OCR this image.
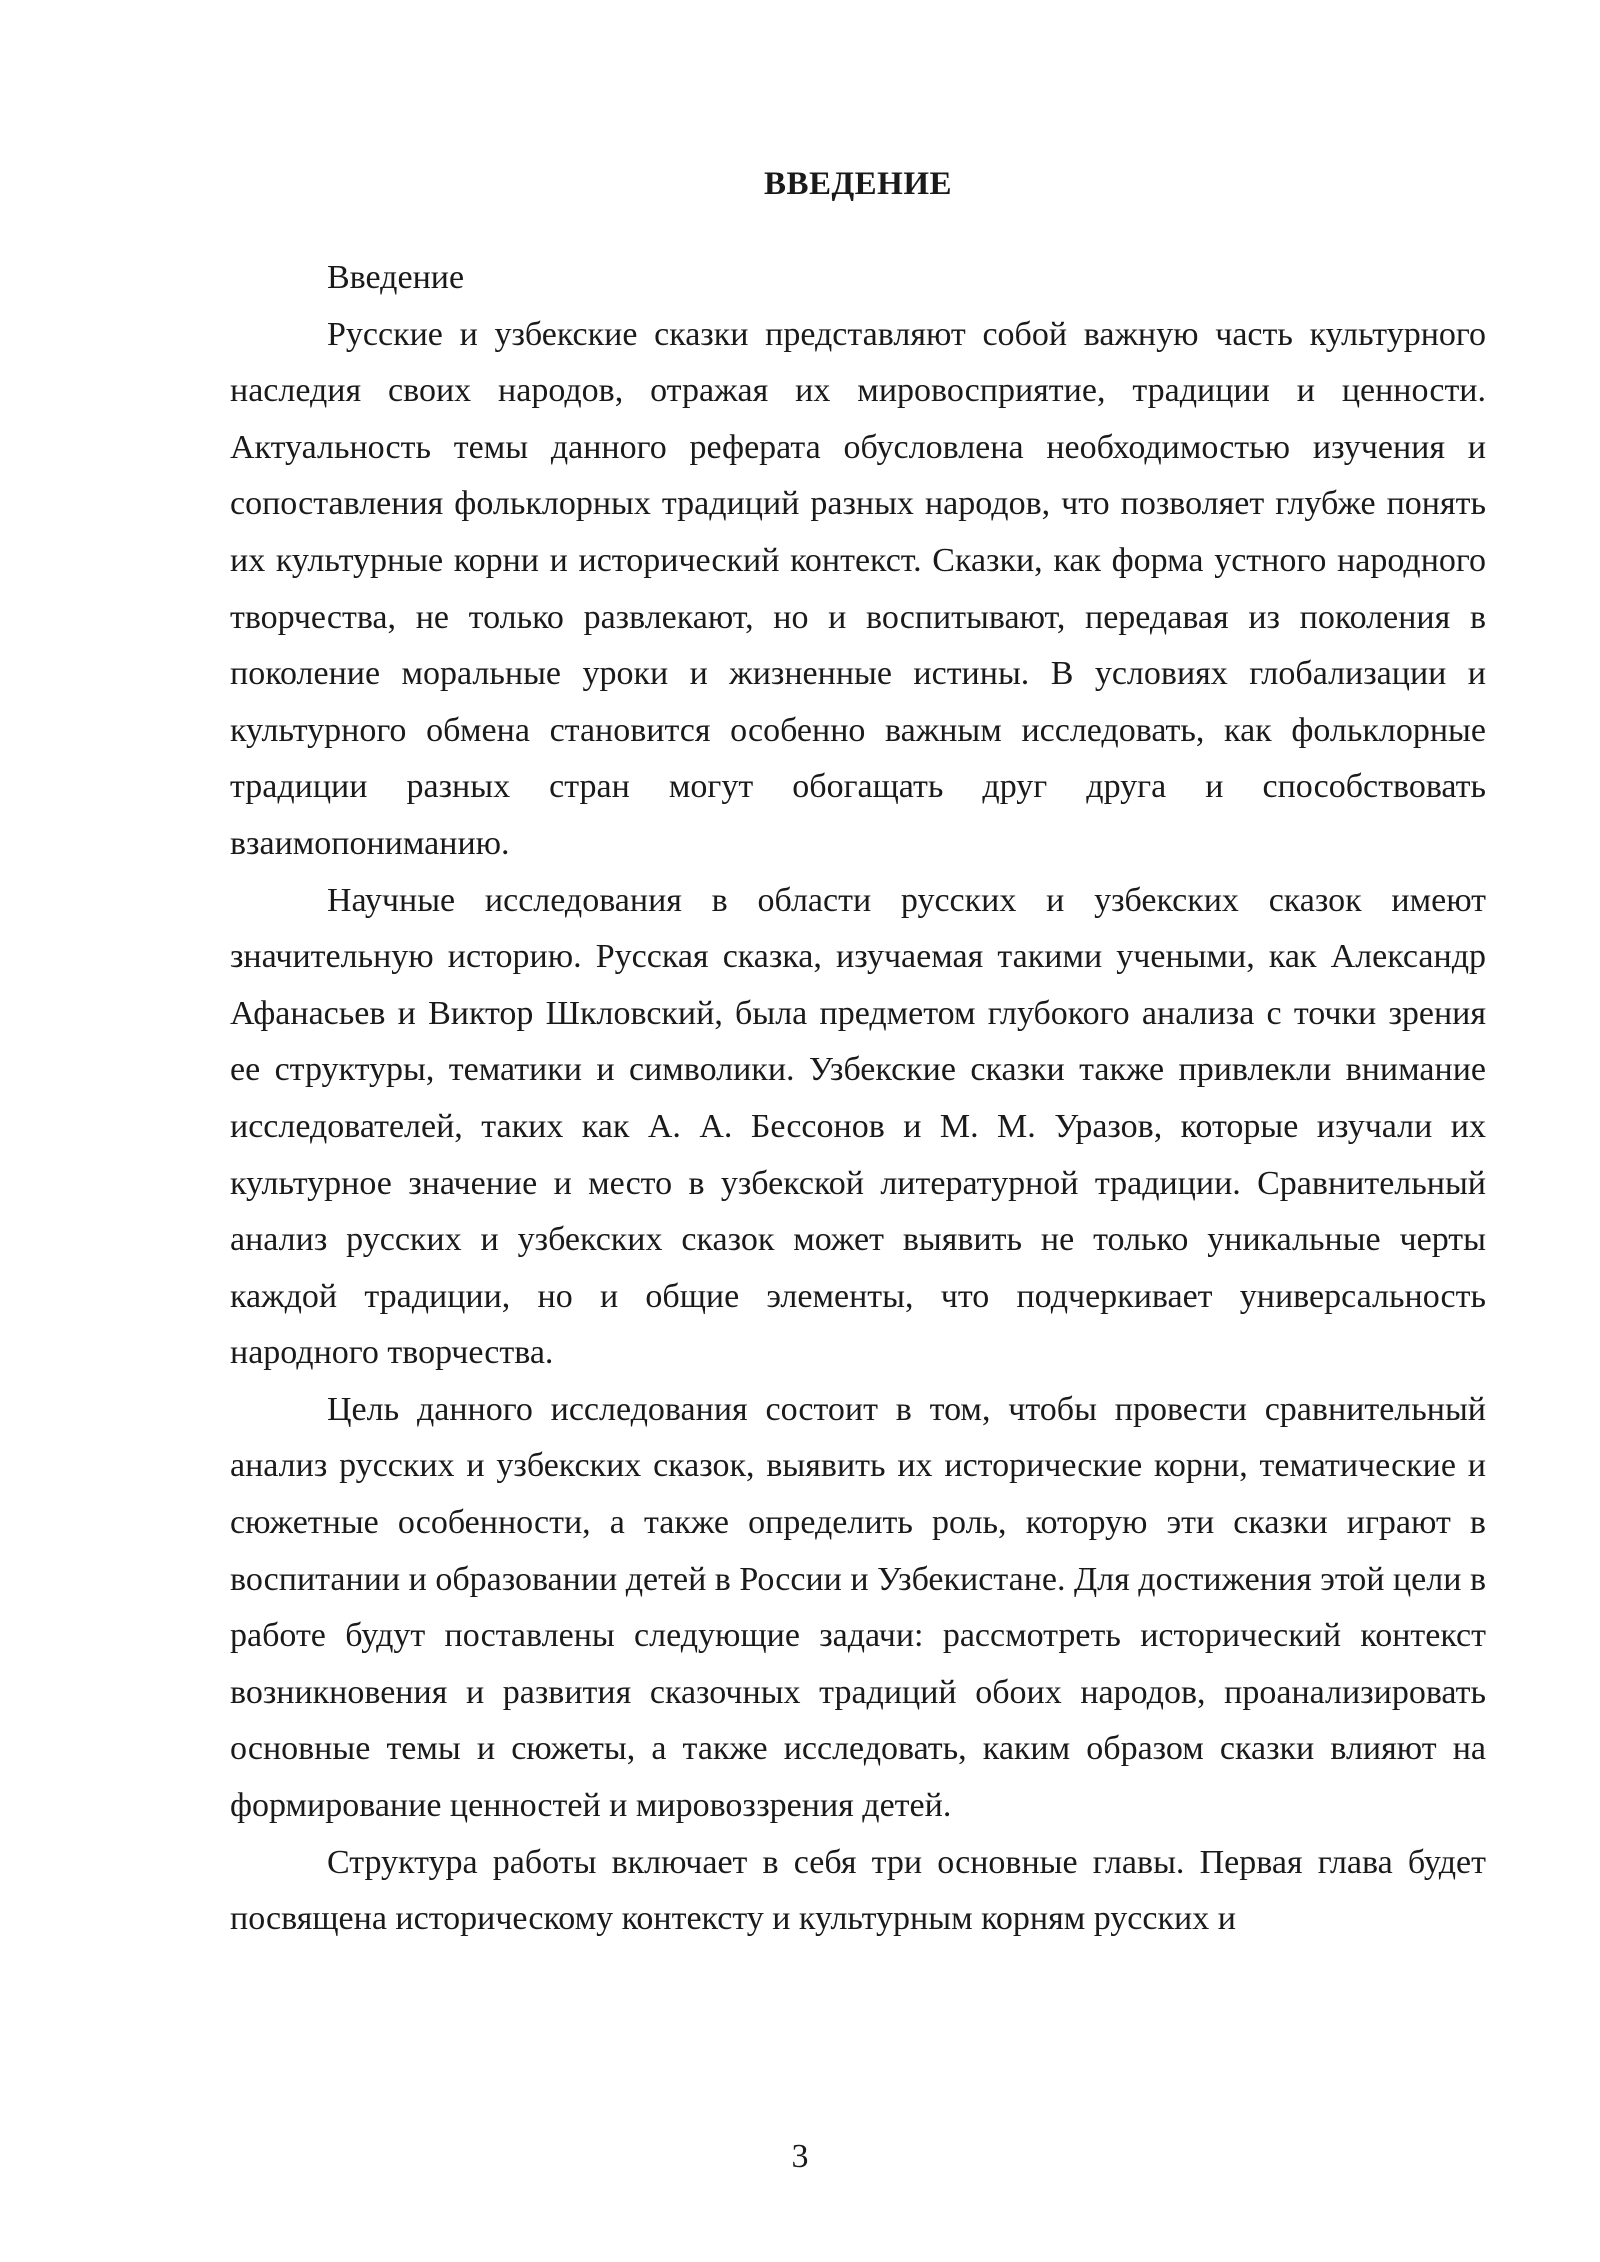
ВВЕДЕНИЕ

Введение

Русские и узбекские сказки представляют собой важную часть культурного наследия своих народов, отражая их мировосприятие, традиции и ценности. Актуальность темы данного реферата обусловлена необходимостью изучения и сопоставления фольклорных традиций разных народов, что позволяет глубже понять их культурные корни и исторический контекст. Сказки, как форма устного народного творчества, не только развлекают, но и воспитывают, передавая из поколения в поколение моральные уроки и жизненные истины. В условиях глобализации и культурного обмена становится особенно важным исследовать, как фольклорные традиции разных стран могут обогащать друг друга и способствовать взаимопониманию.

Научные исследования в области русских и узбекских сказок имеют значительную историю. Русская сказка, изучаемая такими учеными, как Александр Афанасьев и Виктор Шкловский, была предметом глубокого анализа с точки зрения ее структуры, тематики и символики. Узбекские сказки также привлекли внимание исследователей, таких как А. А. Бессонов и М. М. Уразов, которые изучали их культурное значение и место в узбекской литературной традиции. Сравнительный анализ русских и узбекских сказок может выявить не только уникальные черты каждой традиции, но и общие элементы, что подчеркивает универсальность народного творчества.

Цель данного исследования состоит в том, чтобы провести сравнительный анализ русских и узбекских сказок, выявить их исторические корни, тематические и сюжетные особенности, а также определить роль, которую эти сказки играют в воспитании и образовании детей в России и Узбекистане. Для достижения этой цели в работе будут поставлены следующие задачи: рассмотреть исторический контекст возникновения и развития сказочных традиций обоих народов, проанализировать основные темы и сюжеты, а также исследовать, каким образом сказки влияют на формирование ценностей и мировоззрения детей.

Структура работы включает в себя три основные главы. Первая глава будет посвящена историческому контексту и культурным корням русских и

3
